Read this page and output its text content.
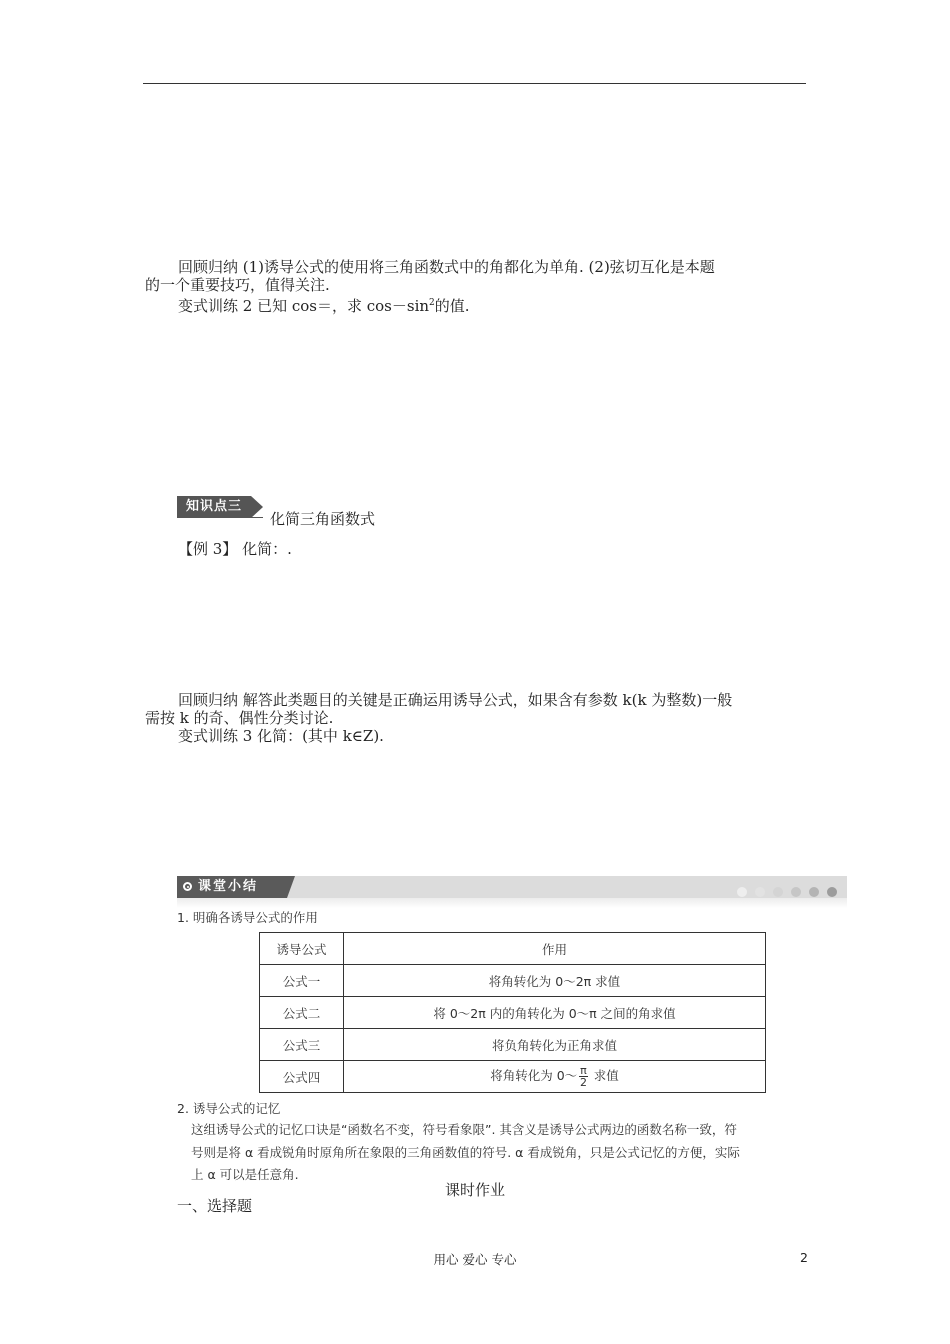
回顾归纳 (1)诱导公式的使用将三角函数式中的角都化为单角. (2)弦切互化是本题
的一个重要技巧，值得关注.
变式训练 2 已知 cos＝，求 $\cos-\sin^2$的值.
知识点三
化简三角函数式
【例 3】 化简：.
回顾归纳 解答此类题目的关键是正确运用诱导公式，如果含有参数 k(k 为整数)一般
需按 k 的奇、偶性分类讨论.
变式训练 3 化简：(其中 k∈Z).
课堂小结
1. 明确各诱导公式的作用
诱导公式	作用
公式一	将角转化为 0～2π 求值
公式二	将 0～2π 内的角转化为 0～π 之间的角求值
公式三	将负角转化为正角求值
公式四	将角转化为 0～ $\frac{\pi}{2}$ 求值
2. 诱导公式的记忆
这组诱导公式的记忆口诀是“函数名不变，符号看象限”. 其含义是诱导公式两边的函数名称一致，符
号则是将 α 看成锐角时原角所在象限的三角函数值的符号. α 看成锐角，只是公式记忆的方便，实际
上 α 可以是任意角.
课时作业
一、选择题
用心 爱心 专心	2
